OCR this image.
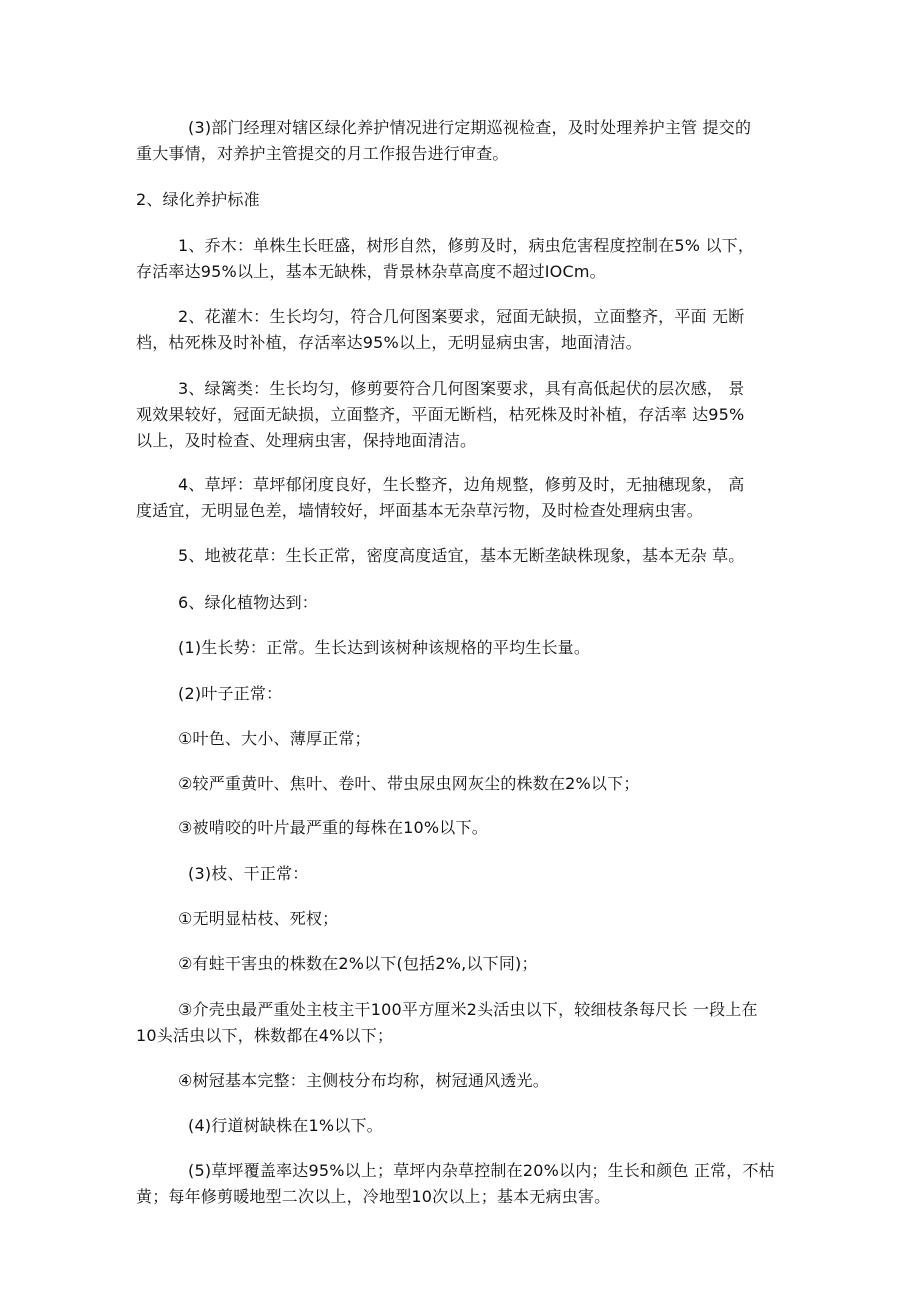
(3)部门经理对辖区绿化养护情况进行定期巡视检查，及时处理养护主管 提交的

重大事情，对养护主管提交的月工作报告进行审查。

2、绿化养护标准

1、乔木：单株生长旺盛，树形自然，修剪及时，病虫危害程度控制在5% 以下，

存活率达95%以上，基本无缺株，背景林杂草高度不超过IOCm。

2、花灌木：生长均匀，符合几何图案要求，冠面无缺损，立面整齐，平面 无断

档，枯死株及时补植，存活率达95%以上，无明显病虫害，地面清洁。

3、绿篱类：生长均匀，修剪要符合几何图案要求，具有高低起伏的层次感， 景

观效果较好，冠面无缺损，立面整齐，平面无断档，枯死株及时补植，存活率 达95%

以上，及时检查、处理病虫害，保持地面清洁。

4、草坪：草坪郁闭度良好，生长整齐，边角规整，修剪及时，无抽穗现象， 高

度适宜，无明显色差，墙情较好，坪面基本无杂草污物，及时检查处理病虫害。

5、地被花草：生长正常，密度高度适宜，基本无断垄缺株现象，基本无杂 草。

6、绿化植物达到：

(1)生长势：正常。生长达到该树种该规格的平均生长量。

(2)叶子正常：

①叶色、大小、薄厚正常；

②较严重黄叶、焦叶、卷叶、带虫尿虫网灰尘的株数在2%以下；

③被啃咬的叶片最严重的每株在10%以下。

(3)枝、干正常：

①无明显枯枝、死杈；

②有蛀干害虫的株数在2%以下(包括2%,以下同)；

③介壳虫最严重处主枝主干100平方厘米2头活虫以下，较细枝条每尺长 一段上在

10头活虫以下，株数都在4%以下；

④树冠基本完整：主侧枝分布均称，树冠通风透光。

(4)行道树缺株在1%以下。

(5)草坪覆盖率达95%以上；草坪内杂草控制在20%以内；生长和颜色 正常，不枯

黄；每年修剪暖地型二次以上，冷地型10次以上；基本无病虫害。
